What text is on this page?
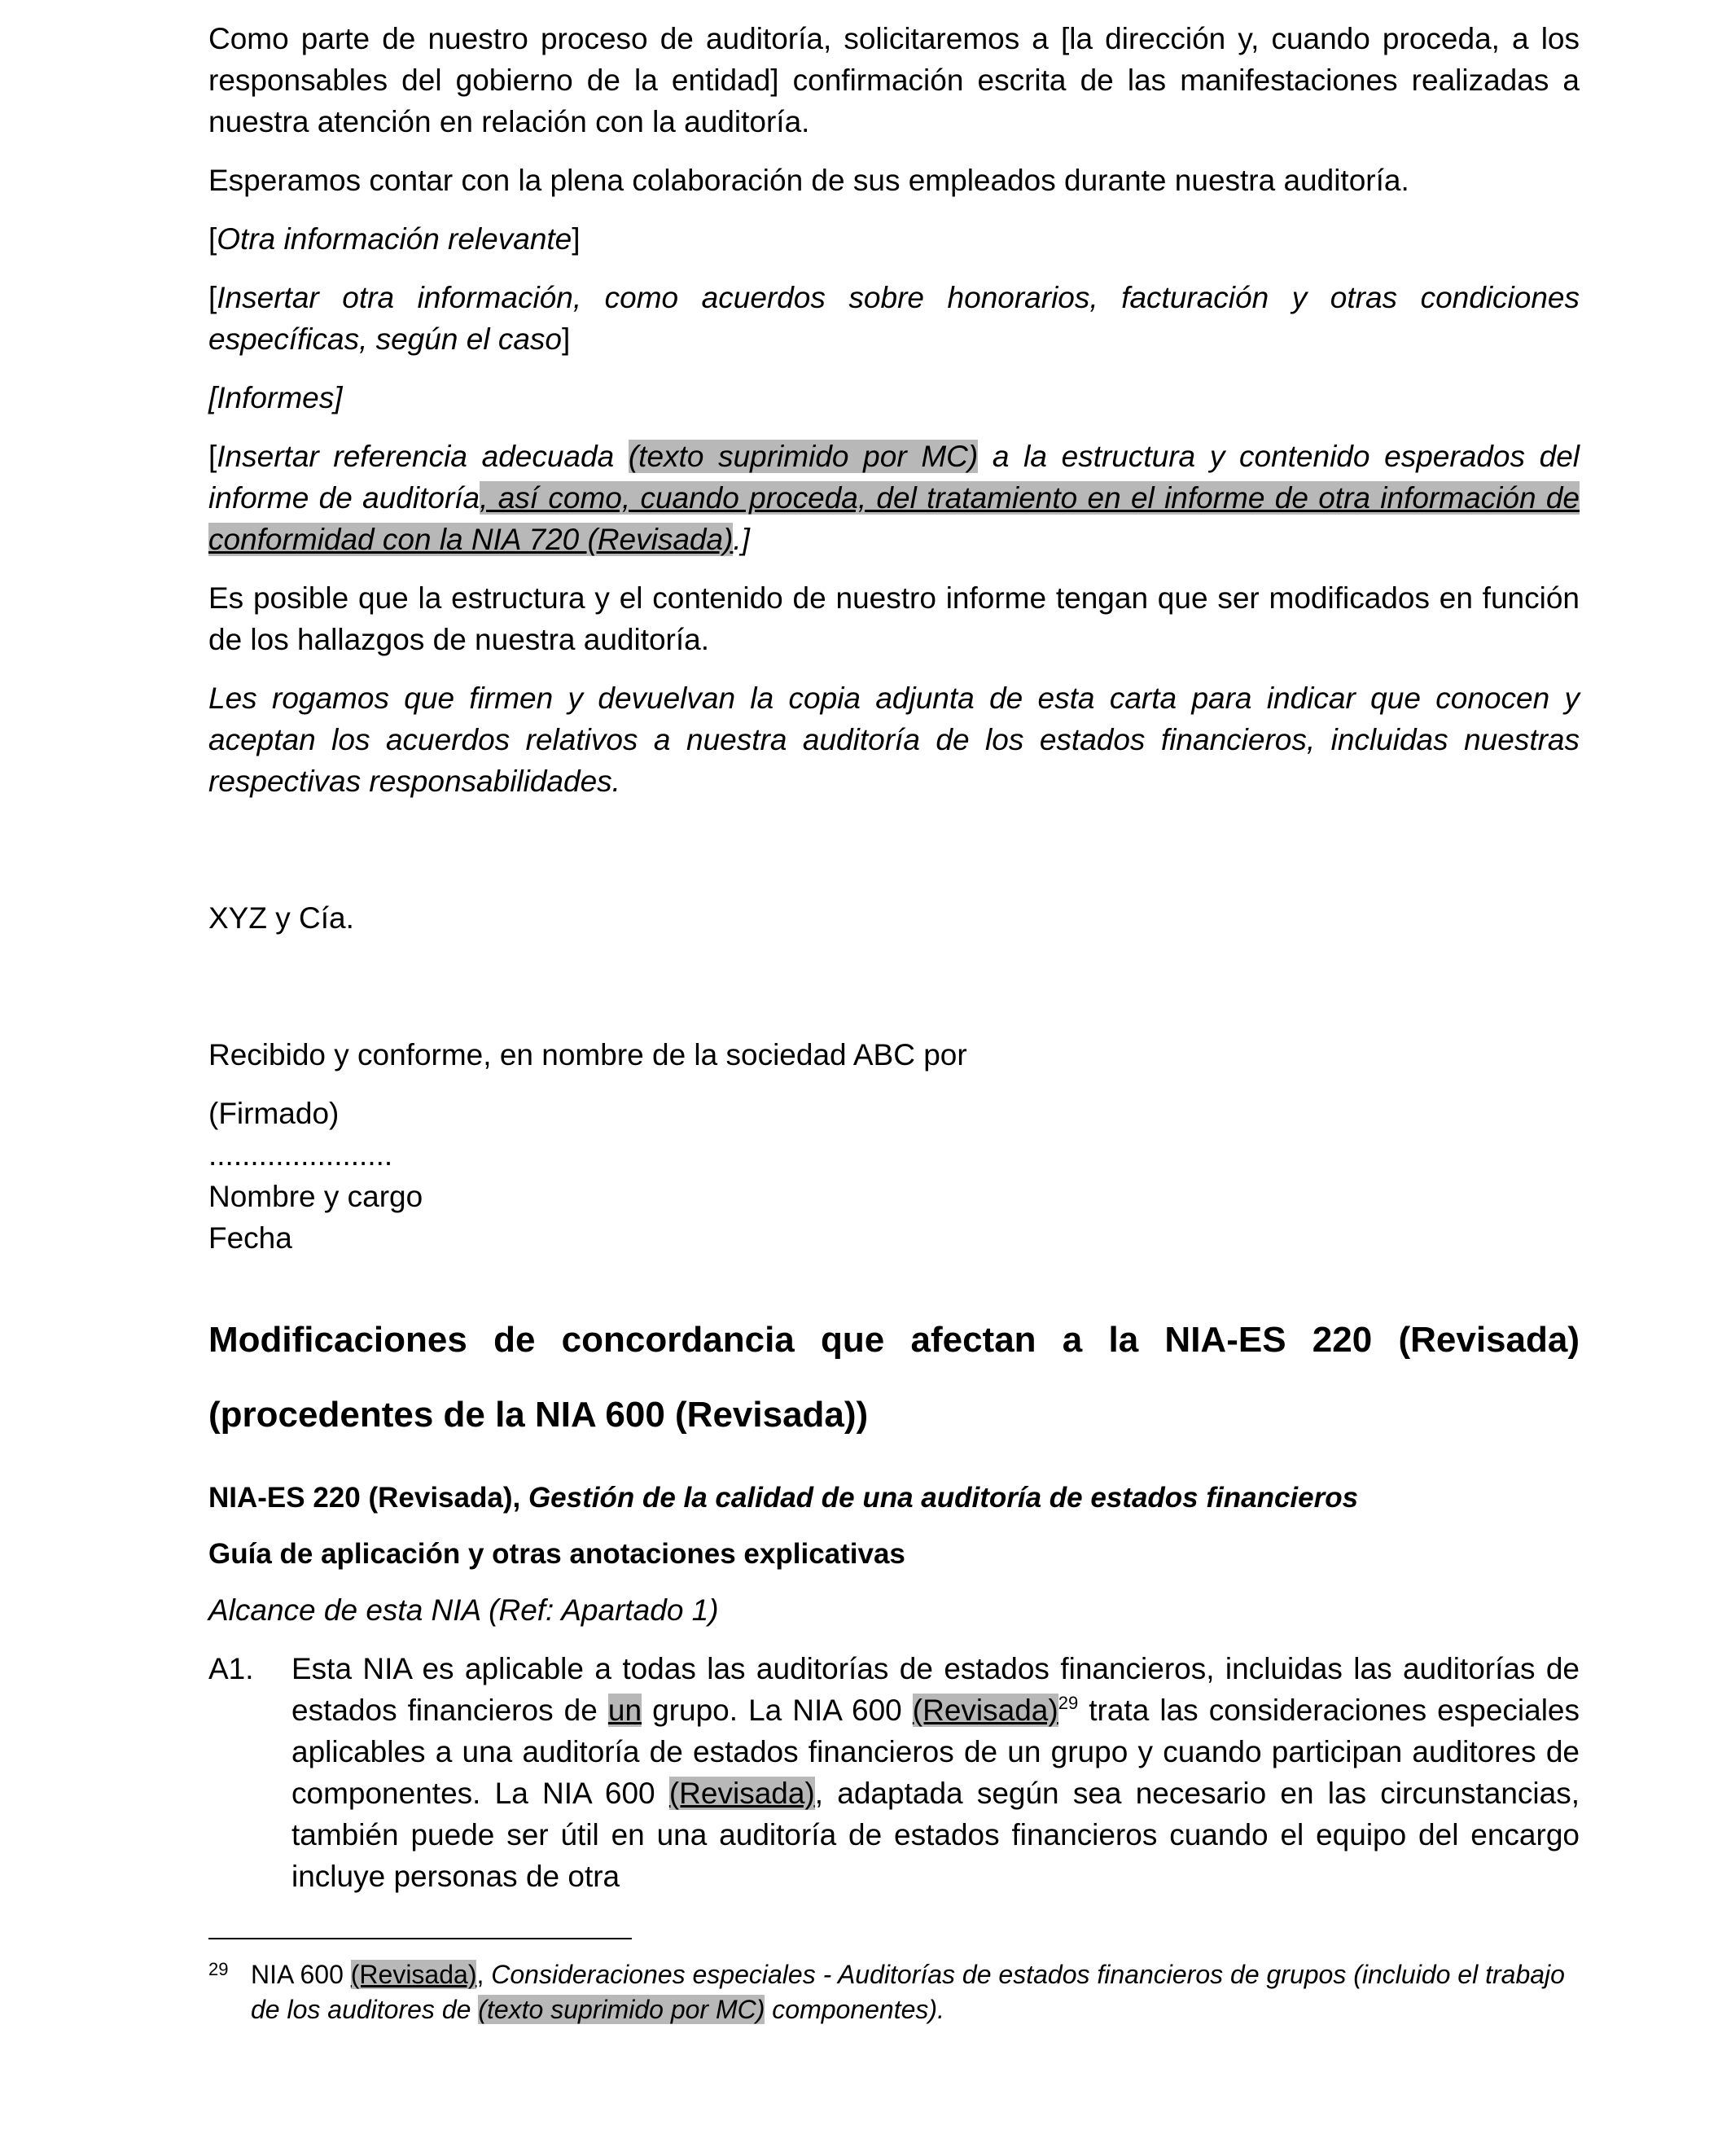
Como parte de nuestro proceso de auditoría, solicitaremos a [la dirección y, cuando proceda, a los responsables del gobierno de la entidad] confirmación escrita de las manifestaciones realizadas a nuestra atención en relación con la auditoría.

Esperamos contar con la plena colaboración de sus empleados durante nuestra auditoría.

[Otra información relevante]

[Insertar otra información, como acuerdos sobre honorarios, facturación y otras condiciones específicas, según el caso]

[Informes]

[Insertar referencia adecuada (texto suprimido por MC) a la estructura y contenido esperados del informe de auditoría, así como, cuando proceda, del tratamiento en el informe de otra información de conformidad con la NIA 720 (Revisada).]

Es posible que la estructura y el contenido de nuestro informe tengan que ser modificados en función de los hallazgos de nuestra auditoría.

Les rogamos que firmen y devuelvan la copia adjunta de esta carta para indicar que conocen y aceptan los acuerdos relativos a nuestra auditoría de los estados financieros, incluidas nuestras respectivas responsabilidades.

XYZ y Cía.

Recibido y conforme, en nombre de la sociedad ABC por

(Firmado)

......................

Nombre y cargo

Fecha

Modificaciones de concordancia que afectan a la NIA-ES 220 (Revisada) (procedentes de la NIA 600 (Revisada))

NIA-ES 220 (Revisada), Gestión de la calidad de una auditoría de estados financieros

Guía de aplicación y otras anotaciones explicativas

Alcance de esta NIA (Ref: Apartado 1)

A1.	Esta NIA es aplicable a todas las auditorías de estados financieros, incluidas las auditorías de estados financieros de un grupo. La NIA 600 (Revisada)$^{29}$ trata las consideraciones especiales aplicables a una auditoría de estados financieros de un grupo y cuando participan auditores de componentes. La NIA 600 (Revisada), adaptada según sea necesario en las circunstancias, también puede ser útil en una auditoría de estados financieros cuando el equipo del encargo incluye personas de otra
29 NIA 600 (Revisada), Consideraciones especiales - Auditorías de estados financieros de grupos (incluido el trabajo de los auditores de (texto suprimido por MC) componentes).
